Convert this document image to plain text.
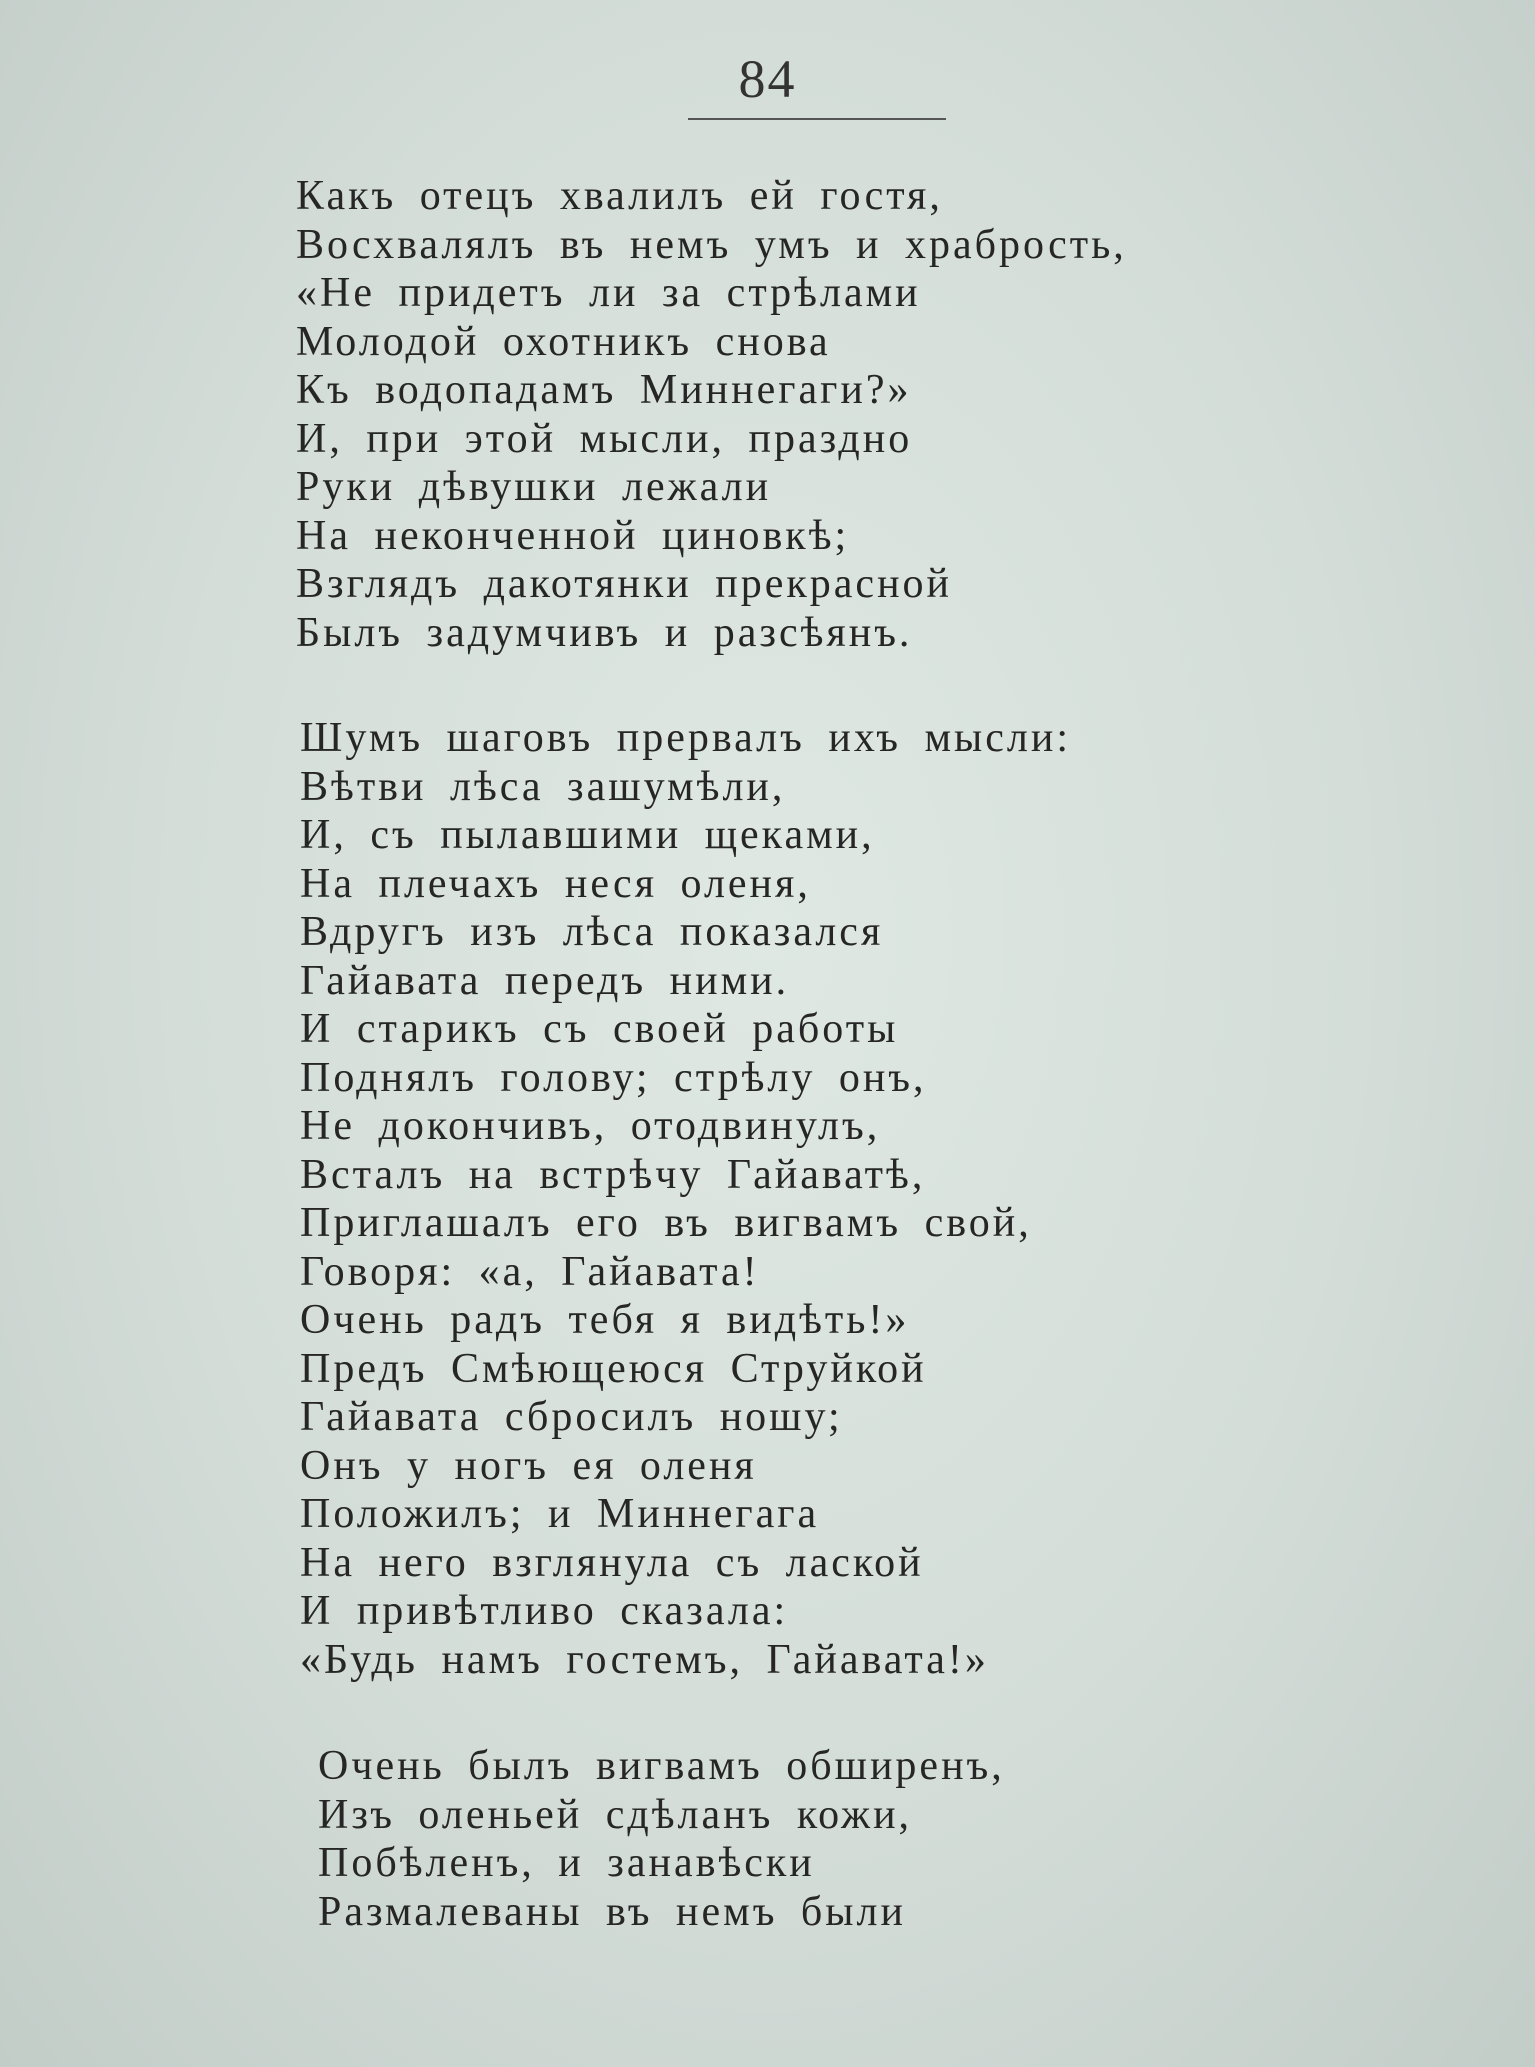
84
Какъ отецъ хвалилъ ей гостя,
Восхвалялъ въ немъ умъ и храбрость,
«Не придетъ ли за стрѣлами
Молодой охотникъ снова
Къ водопадамъ Миннегаги?»
И, при этой мысли, праздно
Руки дѣвушки лежали
На неконченной циновкѣ;
Взглядъ дакотянки прекрасной
Былъ задумчивъ и разсѣянъ.
Шумъ шаговъ прервалъ ихъ мысли:
Вѣтви лѣса зашумѣли,
И, съ пылавшими щеками,
На плечахъ неся оленя,
Вдругъ изъ лѣса показался
Гайавата передъ ними.
И старикъ съ своей работы
Поднялъ голову; стрѣлу онъ,
Не докончивъ, отодвинулъ,
Всталъ на встрѣчу Гайаватѣ,
Приглашалъ его въ вигвамъ свой,
Говоря: «а, Гайавата!
Очень радъ тебя я видѣть!»
Предъ Смѣющеюся Струйкой
Гайавата сбросилъ ношу;
Онъ у ногъ ея оленя
Положилъ; и Миннегага
На него взглянула съ лаской
И привѣтливо сказала:
«Будь намъ гостемъ, Гайавата!»
Очень былъ вигвамъ обширенъ,
Изъ оленьей сдѣланъ кожи,
Побѣленъ, и занавѣски
Размалеваны въ немъ были
